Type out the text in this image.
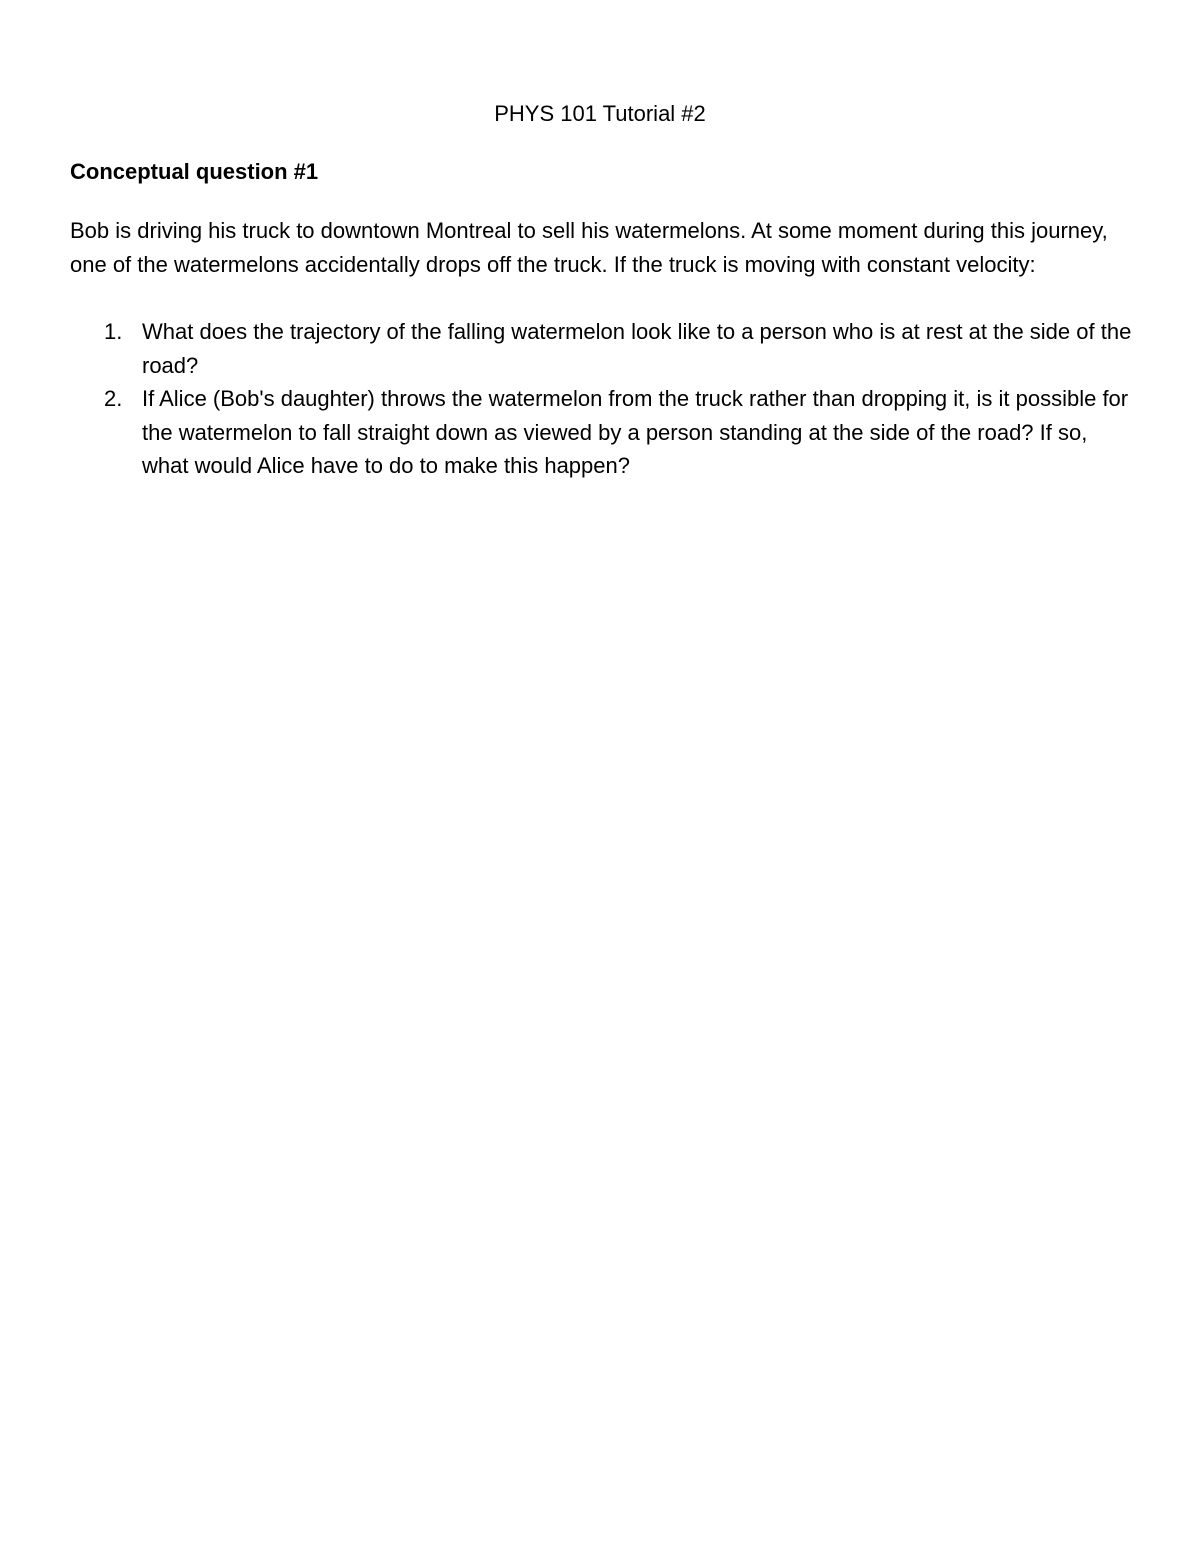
PHYS 101 Tutorial #2
Conceptual question #1

Bob is driving his truck to downtown Montreal to sell his watermelons. At some moment during this journey, one of the watermelons accidentally drops off the truck. If the truck is moving with constant velocity:

1. What does the trajectory of the falling watermelon look like to a person who is at rest at the side of the road?
2. If Alice (Bob's daughter) throws the watermelon from the truck rather than dropping it, is it possible for the watermelon to fall straight down as viewed by a person standing at the side of the road? If so, what would Alice have to do to make this happen?
